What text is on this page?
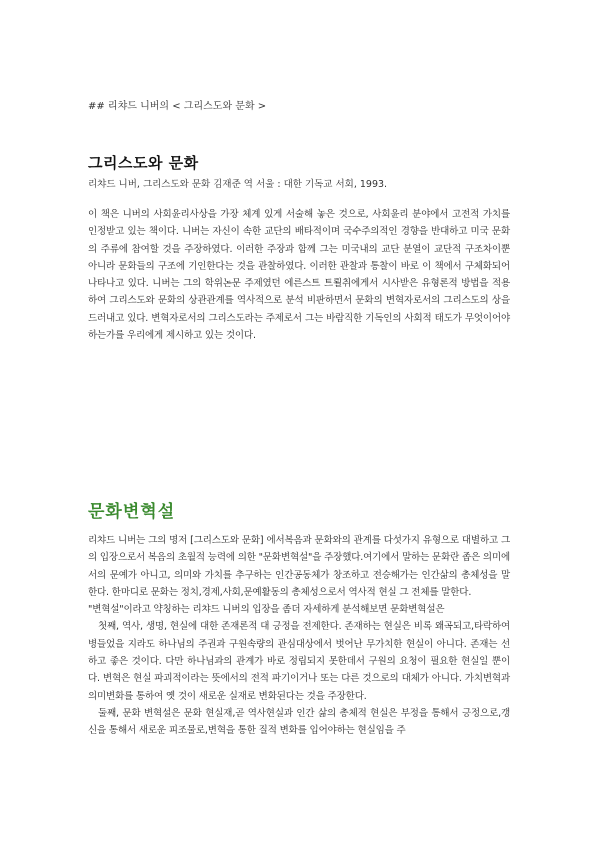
## 리챠드 니버의 < 그리스도와 문화 >
그리스도와 문화
리챠드 니버, 그리스도와 문화 김재준 역 서울 : 대한 기독교 서회, 1993.

이 책은 니버의 사회윤리사상을 가장 체계 있게 서술해 놓은 것으로, 사회윤리 분야에서 고전적 가치를 인정받고 있는 책이다. 니버는 자신이 속한 교단의 배타적이며 국수주의적인 경향을 반대하고 미국 문화의 주류에 참여할 것을 주장하였다. 이러한 주장과 함께 그는 미국내의 교단 분열이 교단적 구조차이뿐 아니라 문화들의 구조에 기인한다는 것을 관찰하였다. 이러한 관찰과 통찰이 바로 이 책에서 구체화되어 나타나고 있다. 니버는 그의 학위논문 주제였던 에른스트 트뢸취에게서 시사받은 유형론적 방법을 적용하여 그리스도와 문화의 상관관계를 역사적으로 분석 비판하면서 문화의 변혁자로서의 그리스도의 상을 드러내고 있다. 변혁자로서의 그리스도라는 주제로서 그는 바람직한 기독인의 사회적 태도가 무엇이어야 하는가를 우리에게 제시하고 있는 것이다.

문화변혁설

리챠드 니버는 그의 명저 [그리스도와 문화] 에서복음과 문화와의 관계를 다섯가지 유형으로 대별하고 그의 입장으로서 복음의 초월적 능력에 의한 "문화변혁설"을 주장했다.여기에서 말하는 문화란 좁은 의미에서의 문예가 아니고, 의미와 가치를 추구하는 인간공동체가 창조하고 전승해가는 인간삶의 총체성을 말한다. 한마디로 문화는 정치,경제,사회,문예활동의 총체성으로서 역사적 현실 그 전체를 말한다.

"변혁설"이라고 약칭하는 리챠드 니버의 입장을 좀더 자세하게 분석해보면 문화변혁설은

첫째, 역사, 생명, 현실에 대한 존재론적 대 긍정을 전제한다. 존재하는 현실은 비록 왜곡되고,타락하여 병들었을 지라도 하나님의 주권과 구원속량의 관심대상에서 벗어난 무가치한 현실이 아니다. 존재는 선하고 좋은 것이다. 다만 하나님과의 관계가 바로 정립되지 못한데서 구원의 요청이 필요한 현실일 뿐이다. 변혁은 현실 파괴적이라는 뜻에서의 전적 파기이거나 또는 다른 것으로의 대체가 아니다. 가치변혁과 의미변화를 통하여 옛 것이 새로운 실재로 변화된다는 것을 주장한다.

둘째, 문화 변혁설은 문화 현실재,곧 역사현실과 인간 삶의 총체적 현실은 부정을 통해서 긍정으로,갱신을 통해서 새로운 피조물로,변혁을 통한 질적 변화를 입어야하는 현실임을 주
